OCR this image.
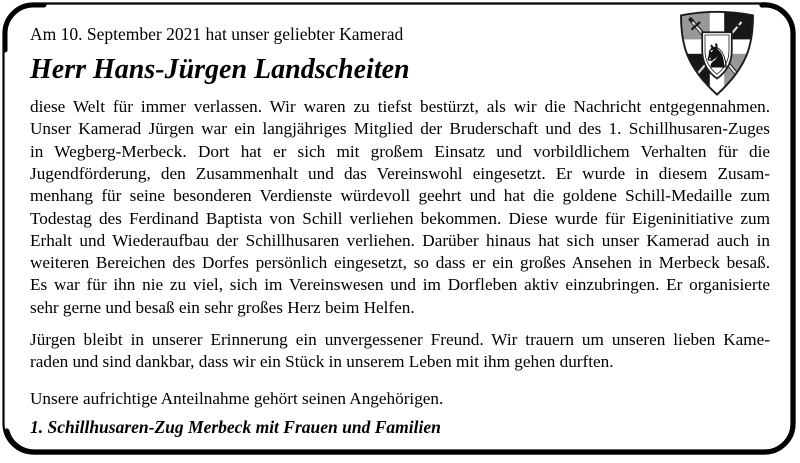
♞
Am 10. September 2021 hat unser geliebter Kamerad
Herr Hans-Jürgen Landscheiten
diese Welt für immer verlassen. Wir waren zu tiefst bestürzt, als wir die Nachricht entgegennahmen.
Unser Kamerad Jürgen war ein langjähriges Mitglied der Bruderschaft und des 1. Schillhusaren-Zuges
in Wegberg-Merbeck. Dort hat er sich mit großem Einsatz und vorbildlichem Verhalten für die
Jugendförderung, den Zusammenhalt und das Vereinswohl eingesetzt. Er wurde in diesem Zusam-
menhang für seine besonderen Verdienste würdevoll geehrt und hat die goldene Schill-Medaille zum
Todestag des Ferdinand Baptista von Schill verliehen bekommen. Diese wurde für Eigeninitiative zum
Erhalt und Wiederaufbau der Schillhusaren verliehen. Darüber hinaus hat sich unser Kamerad auch in
weiteren Bereichen des Dorfes persönlich eingesetzt, so dass er ein großes Ansehen in Merbeck besaß.
Es war für ihn nie zu viel, sich im Vereinswesen und im Dorfleben aktiv einzubringen. Er organisierte
sehr gerne und besaß ein sehr großes Herz beim Helfen.
Jürgen bleibt in unserer Erinnerung ein unvergessener Freund. Wir trauern um unseren lieben Kame-
raden und sind dankbar, dass wir ein Stück in unserem Leben mit ihm gehen durften.
Unsere aufrichtige Anteilnahme gehört seinen Angehörigen.
1. Schillhusaren-Zug Merbeck mit Frauen und Familien
